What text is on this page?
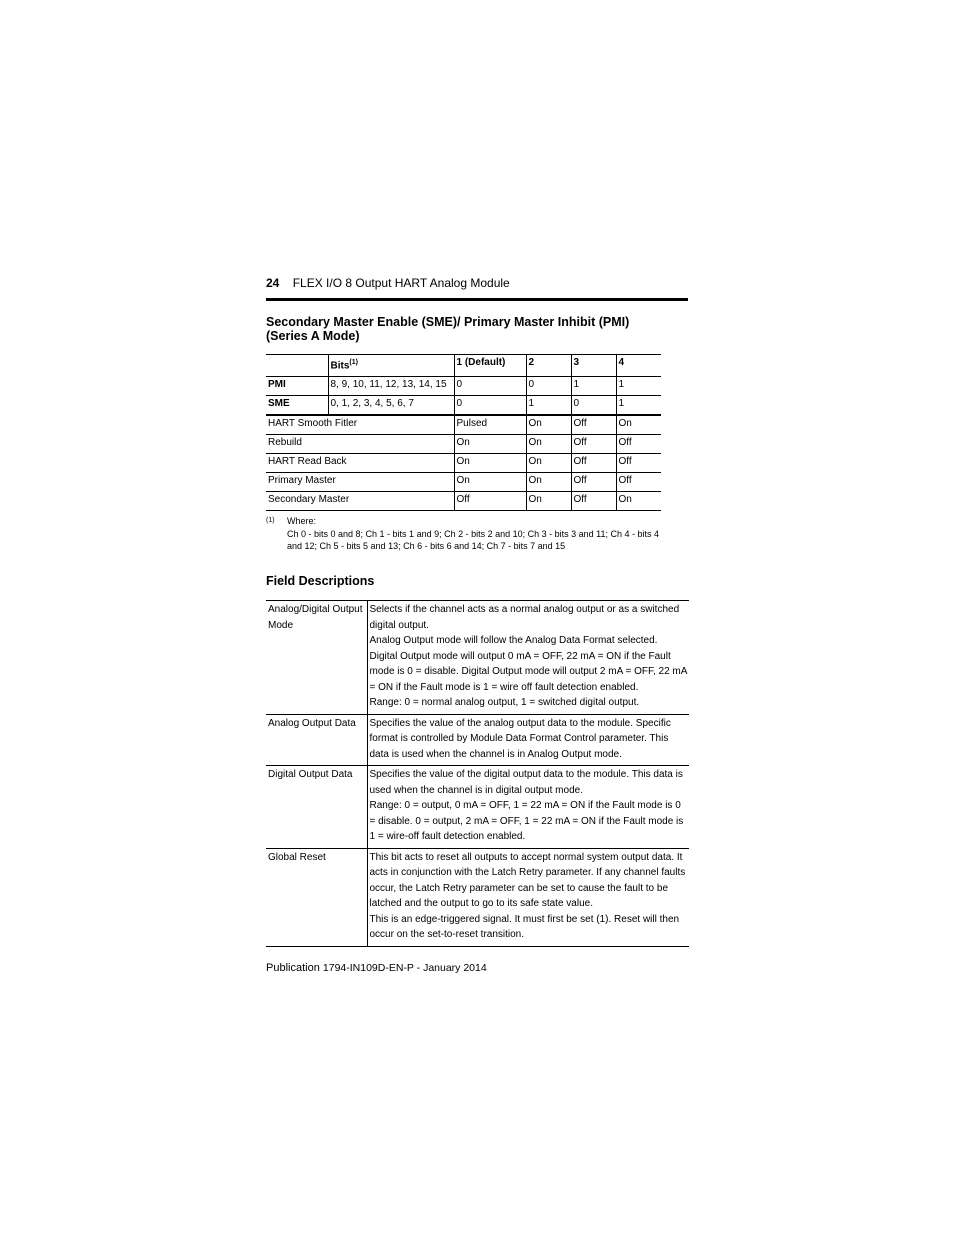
24 FLEX I/O 8 Output HART Analog Module
Secondary Master Enable (SME)/ Primary Master Inhibit (PMI)
(Series A Mode)
	Bits$^{(1)}$	1 (Default)	2	3	4
PMI	8, 9, 10, 11, 12, 13, 14, 15	0	0	1	1
SME	0, 1, 2, 3, 4, 5, 6, 7	0	1	0	1
HART Smooth Fitler		Pulsed	On	Off	On
Rebuild		On	On	Off	Off
HART Read Back		On	On	Off	Off
Primary Master		On	On	Off	Off
Secondary Master		Off	On	Off	On
(1) Where:
Ch 0 - bits 0 and 8; Ch 1 - bits 1 and 9; Ch 2 - bits 2 and 10; Ch 3 - bits 3 and 11; Ch 4 - bits 4 and 12; Ch 5 - bits 5 and 13; Ch 6 - bits 6 and 14; Ch 7 - bits 7 and 15
Field Descriptions
Analog/Digital Output Mode	Selects if the channel acts as a normal analog output or as a switched digital output.
Analog Output mode will follow the Analog Data Format selected.
Digital Output mode will output 0 mA = OFF, 22 mA = ON if the Fault mode is 0 = disable. Digital Output mode will output 2 mA = OFF, 22 mA = ON if the Fault mode is 1 = wire off fault detection enabled.
Range: 0 = normal analog output, 1 = switched digital output.

Analog Output Data	Specifies the value of the analog output data to the module. Specific format is controlled by Module Data Format Control parameter. This data is used when the channel is in Analog Output mode.

Digital Output Data	Specifies the value of the digital output data to the module. This data is used when the channel is in digital output mode.
Range: 0 = output, 0 mA = OFF, 1 = 22 mA = ON if the Fault mode is 0 = disable. 0 = output, 2 mA = OFF, 1 = 22 mA = ON if the Fault mode is 1 = wire-off fault detection enabled.

Global Reset	This bit acts to reset all outputs to accept normal system output data. It acts in conjunction with the Latch Retry parameter. If any channel faults occur, the Latch Retry parameter can be set to cause the fault to be latched and the output to go to its safe state value.
This is an edge-triggered signal. It must first be set (1). Reset will then occur on the set-to-reset transition.
Publication 1794-IN109D-EN-P - January 2014
